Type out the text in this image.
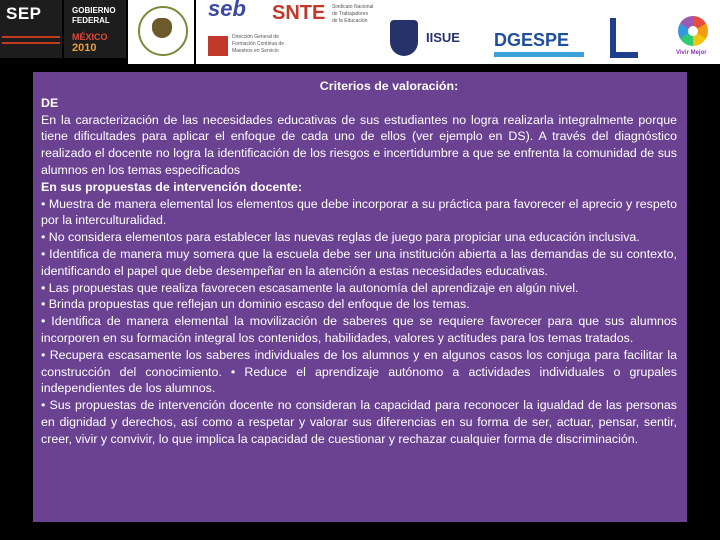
SEP	GOBIERNO
FEDERAL
MÉXICO
2010
seb
Dirección General de
Formación Continua de
Maestros en Servicio
SNTE Sindicato Nacional
de Trabajadores
de la Educación
IISUE DGESPE
Vivir Mejor
Criterios de valoración:
DE

En la caracterización de las necesidades educativas de sus estudiantes no logra realizarla integralmente porque tiene dificultades para aplicar el enfoque de cada uno de ellos (ver ejemplo en DS). A través del diagnóstico realizado el docente no logra la identificación de los riesgos e incertidumbre a que se enfrenta la comunidad de sus alumnos en los temas especificados

En sus propuestas de intervención docente:

• Muestra de manera elemental los elementos que debe incorporar a su práctica para favorecer el aprecio y respeto por la interculturalidad.

• No considera elementos para establecer las nuevas reglas de juego para propiciar una educación inclusiva.

• Identifica de manera muy somera que la escuela debe ser una institución abierta a las demandas de su contexto, identificando el papel que debe desempeñar en la atención a estas necesidades educativas.

• Las propuestas que realiza favorecen escasamente la autonomía del aprendizaje en algún nivel.

• Brinda propuestas que reflejan un dominio escaso del enfoque de los temas.

• Identifica de manera elemental la movilización de saberes que se requiere favorecer para que sus alumnos incorporen en su formación integral los contenidos, habilidades, valores y actitudes para los temas tratados.

• Recupera escasamente los saberes individuales de los alumnos y en algunos casos los conjuga para facilitar la construcción del conocimiento. • Reduce el aprendizaje autónomo a actividades individuales o grupales independientes de los alumnos.

• Sus propuestas de intervención docente no consideran la capacidad para reconocer la igualdad de las personas en dignidad y derechos, así como a respetar y valorar sus diferencias en su forma de ser, actuar, pensar, sentir, creer, vivir y convivir, lo que implica la capacidad de cuestionar y rechazar cualquier forma de discriminación.
